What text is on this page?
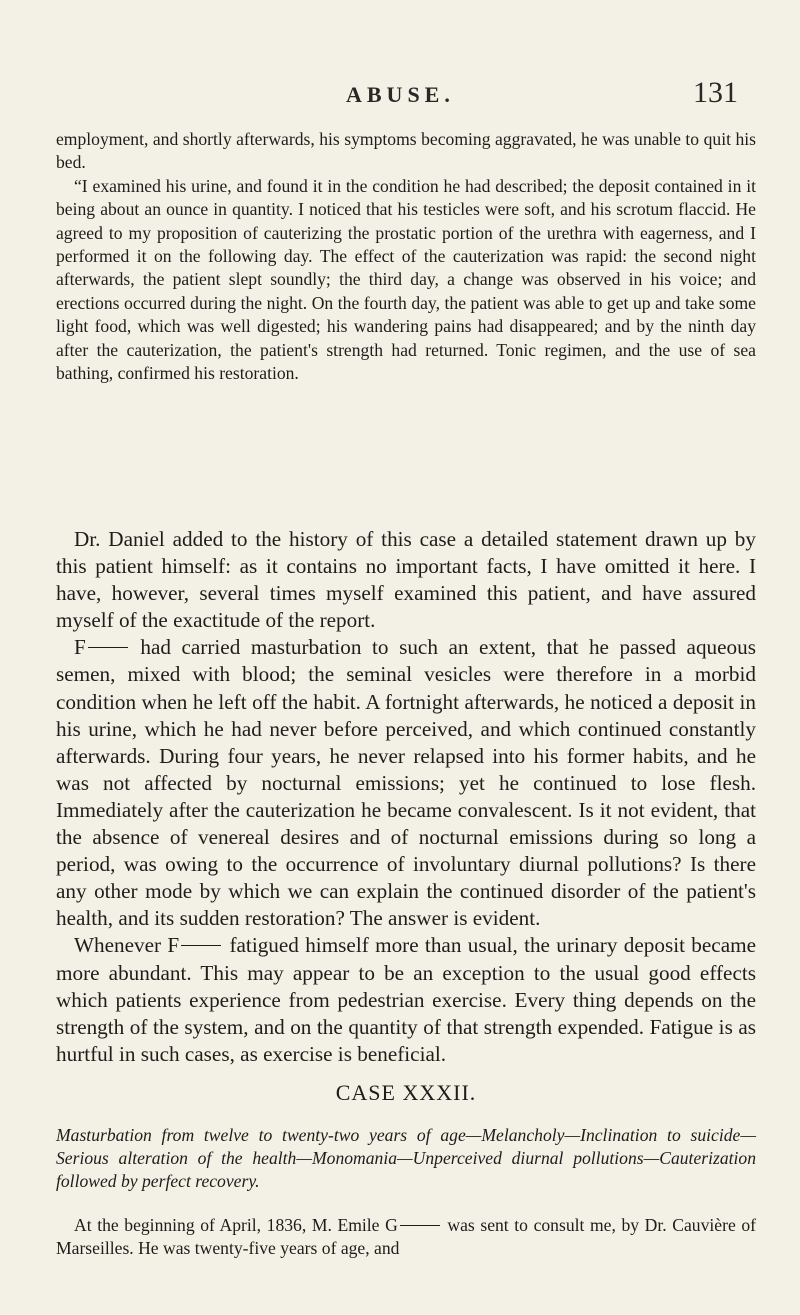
ABUSE.	131

employment, and shortly afterwards, his symptoms becoming aggravated, he was unable to quit his bed.

“I examined his urine, and found it in the condition he had described; the deposit contained in it being about an ounce in quantity. I noticed that his testicles were soft, and his scrotum flaccid. He agreed to my proposition of cauterizing the prostatic portion of the urethra with eagerness, and I performed it on the following day. The effect of the cauterization was rapid: the second night afterwards, the patient slept soundly; the third day, a change was observed in his voice; and erections occurred during the night. On the fourth day, the patient was able to get up and take some light food, which was well digested; his wandering pains had disappeared; and by the ninth day after the cauterization, the patient's strength had returned. Tonic regimen, and the use of sea bathing, confirmed his restoration.

Dr. Daniel added to the history of this case a detailed statement drawn up by this patient himself: as it contains no important facts, I have omitted it here. I have, however, several times myself examined this patient, and have assured myself of the exactitude of the report.

F had carried masturbation to such an extent, that he passed aqueous semen, mixed with blood; the seminal vesicles were therefore in a morbid condition when he left off the habit. A fortnight afterwards, he noticed a deposit in his urine, which he had never before perceived, and which continued constantly afterwards. During four years, he never relapsed into his former habits, and he was not affected by nocturnal emissions; yet he continued to lose flesh. Immediately after the cauterization he became convalescent. Is it not evident, that the absence of venereal desires and of nocturnal emissions during so long a period, was owing to the occurrence of involuntary diurnal pollutions? Is there any other mode by which we can explain the continued disorder of the patient's health, and its sudden restoration? The answer is evident.

Whenever F fatigued himself more than usual, the urinary deposit became more abundant. This may appear to be an exception to the usual good effects which patients experience from pedestrian exercise. Every thing depends on the strength of the system, and on the quantity of that strength expended. Fatigue is as hurtful in such cases, as exercise is beneficial.

CASE XXXII.

Masturbation from twelve to twenty-two years of age—Melancholy—Inclination to suicide—Serious alteration of the health—Monomania—Unperceived diurnal pollutions—Cauterization followed by perfect recovery.

At the beginning of April, 1836, M. Emile G	was sent to consult me, by Dr. Cauvière of Marseilles. He was twenty-five years of age, and
